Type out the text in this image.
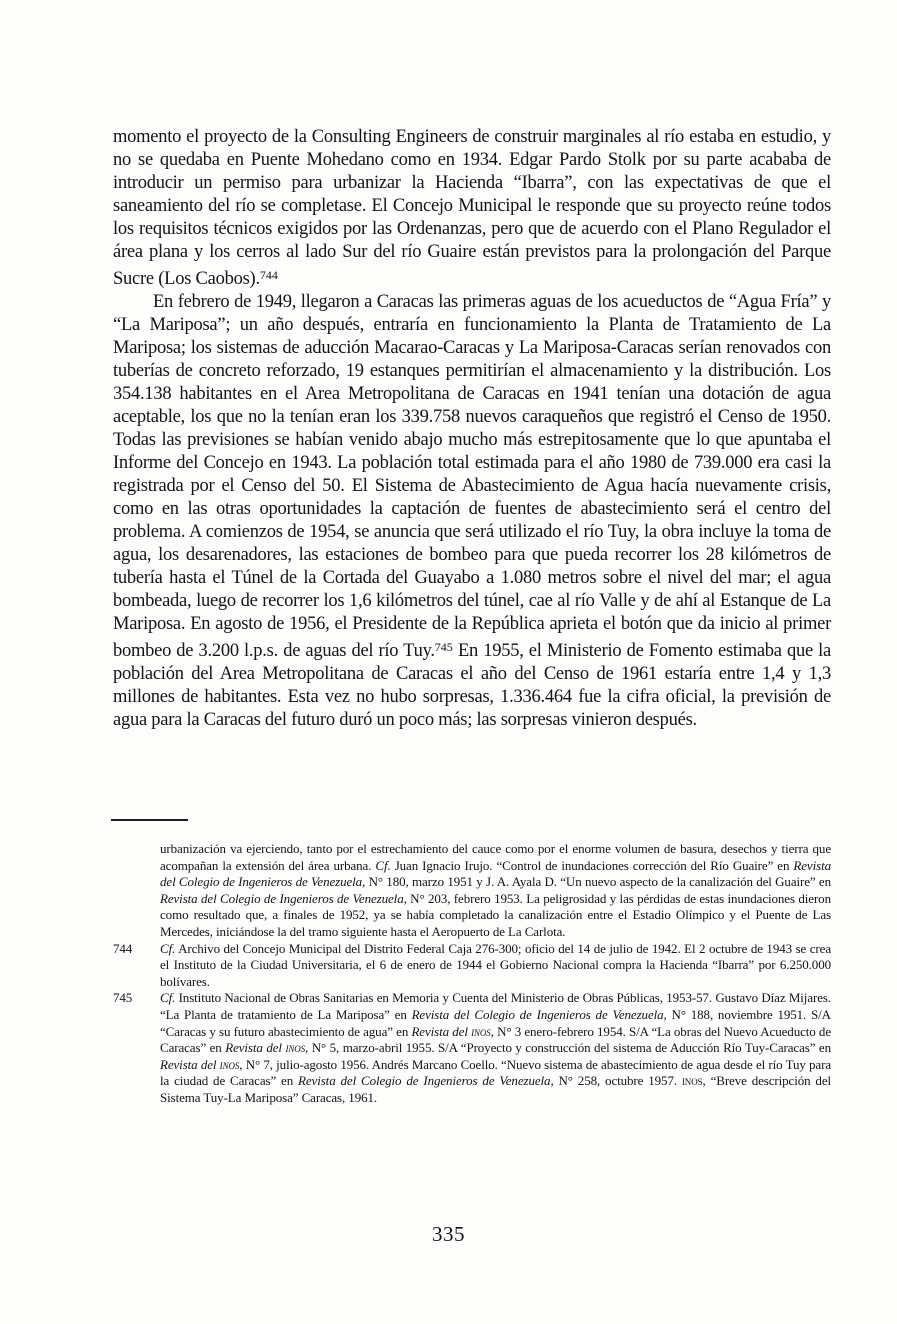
momento el proyecto de la Consulting Engineers de construir marginales al río estaba en estudio, y no se quedaba en Puente Mohedano como en 1934. Edgar Pardo Stolk por su parte acababa de introducir un permiso para urbanizar la Hacienda “Ibarra”, con las expectativas de que el saneamiento del río se completase. El Concejo Municipal le responde que su proyecto reúne todos los requisitos técnicos exigidos por las Ordenanzas, pero que de acuerdo con el Plano Regulador el área plana y los cerros al lado Sur del río Guaire están previstos para la prolongación del Parque Sucre (Los Caobos).$^{744}$

En febrero de 1949, llegaron a Caracas las primeras aguas de los acueductos de “Agua Fría” y “La Mariposa”; un año después, entraría en funcionamiento la Planta de Tratamiento de La Mariposa; los sistemas de aducción Macarao-Caracas y La Mariposa-Caracas serían renovados con tuberías de concreto reforzado, 19 estanques permitirían el almacenamiento y la distribución. Los 354.138 habitantes en el Area Metropolitana de Caracas en 1941 tenían una dotación de agua aceptable, los que no la tenían eran los 339.758 nuevos caraqueños que registró el Censo de 1950. Todas las previsiones se habían venido abajo mucho más estrepitosamente que lo que apuntaba el Informe del Concejo en 1943. La población total estimada para el año 1980 de 739.000 era casi la registrada por el Censo del 50. El Sistema de Abastecimiento de Agua hacía nuevamente crisis, como en las otras oportunidades la captación de fuentes de abastecimiento será el centro del problema. A comienzos de 1954, se anuncia que será utilizado el río Tuy, la obra incluye la toma de agua, los desarenadores, las estaciones de bombeo para que pueda recorrer los 28 kilómetros de tubería hasta el Túnel de la Cortada del Guayabo a 1.080 metros sobre el nivel del mar; el agua bombeada, luego de recorrer los 1,6 kilómetros del túnel, cae al río Valle y de ahí al Estanque de La Mariposa. En agosto de 1956, el Presidente de la República aprieta el botón que da inicio al primer bombeo de 3.200 l.p.s. de aguas del río Tuy.$^{745}$ En 1955, el Ministerio de Fomento estimaba que la población del Area Metropolitana de Caracas el año del Censo de 1961 estaría entre 1,4 y 1,3 millones de habitantes. Esta vez no hubo sorpresas, 1.336.464 fue la cifra oficial, la previsión de agua para la Caracas del futuro duró un poco más; las sorpresas vinieron después.

urbanización va ejerciendo, tanto por el estrechamiento del cauce como por el enorme volumen de basura, desechos y tierra que acompañan la extensión del área urbana. Cf. Juan Ignacio Irujo. “Control de inundaciones corrección del Río Guaire” en Revista del Colegio de Ingenieros de Venezuela, N° 180, marzo 1951 y J. A. Ayala D. “Un nuevo aspecto de la canalización del Guaire” en Revista del Colegio de Ingenieros de Venezuela, N° 203, febrero 1953. La peligrosidad y las pérdidas de estas inundaciones dieron como resultado que, a finales de 1952, ya se había completado la canalización entre el Estadio Olímpico y el Puente de Las Mercedes, iniciándose la del tramo siguiente hasta el Aeropuerto de La Carlota.
744 Cf. Archivo del Concejo Municipal del Distrito Federal Caja 276-300; oficio del 14 de julio de 1942. El 2 octubre de 1943 se crea el Instituto de la Ciudad Universitaria, el 6 de enero de 1944 el Gobierno Nacional compra la Hacienda “Ibarra” por 6.250.000 bolívares.
745 Cf. Instituto Nacional de Obras Sanitarias en Memoria y Cuenta del Ministerio de Obras Públicas, 1953-57. Gustavo Díaz Mijares. “La Planta de tratamiento de La Mariposa” en Revista del Colegio de Ingenieros de Venezuela, N° 188, noviembre 1951. S/A “Caracas y su futuro abastecimiento de agua” en Revista del inos, N° 3 enero-febrero 1954. S/A “La obras del Nuevo Acueducto de Caracas” en Revista del inos, N° 5, marzo-abril 1955. S/A “Proyecto y construcción del sistema de Aducción Río Tuy-Caracas” en Revista del inos, N° 7, julio-agosto 1956. Andrés Marcano Coello. “Nuevo sistema de abastecimiento de agua desde el río Tuy para la ciudad de Caracas” en Revista del Colegio de Ingenieros de Venezuela, N° 258, octubre 1957. inos, “Breve descripción del Sistema Tuy-La Mariposa” Caracas, 1961.
335
